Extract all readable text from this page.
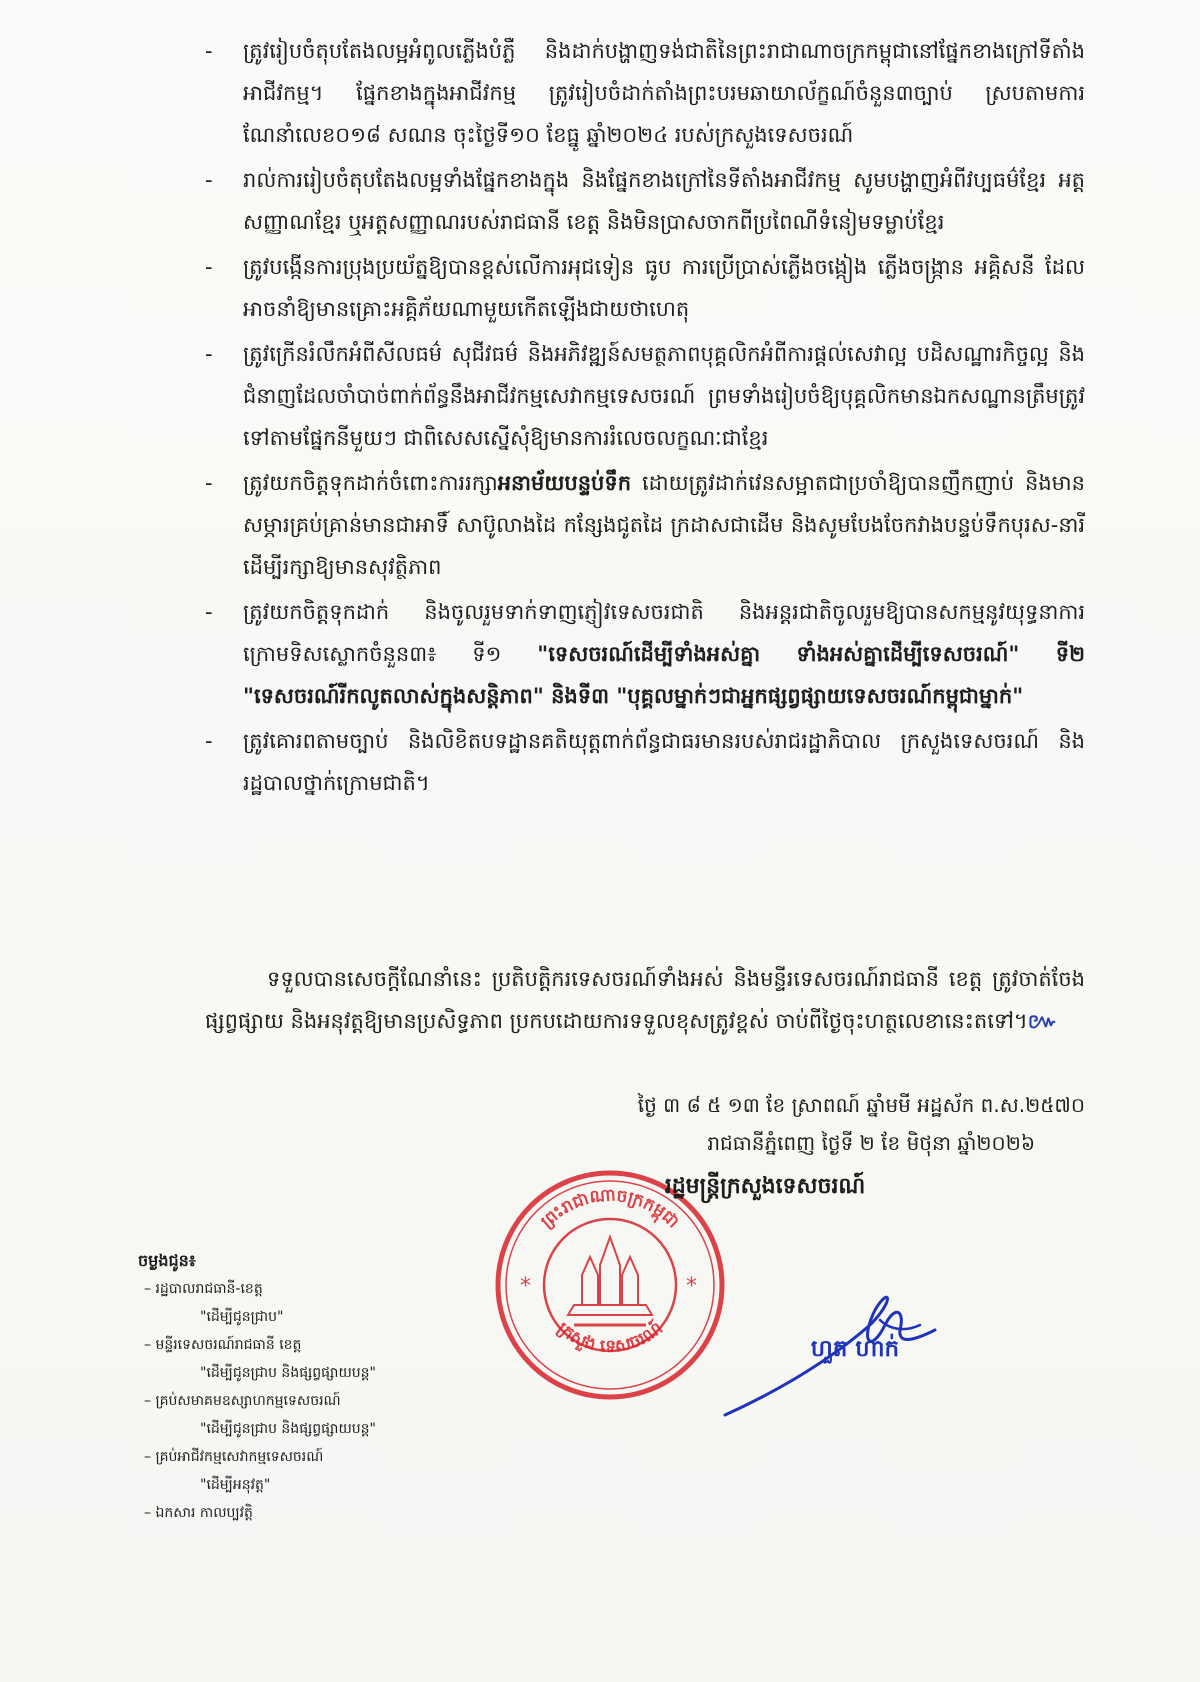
-	ត្រូវរៀបចំតុបតែងលម្អអំពូលភ្លើងបំភ្លឺ និងដាក់បង្ហាញទង់ជាតិនៃព្រះរាជាណាចក្រកម្ពុជានៅផ្នែកខាងក្រៅទីតាំងអាជីវកម្ម។ ផ្នែកខាងក្នុងអាជីវកម្ម ត្រូវរៀបចំដាក់តាំងព្រះបរមឆាយាល័ក្ខណ៍ចំនួន៣ច្បាប់ ស្របតាមការណែនាំលេខ០១៨ សណន ចុះថ្ងៃទី១០ ខែធ្នូ ឆ្នាំ២០២៤ របស់ក្រសួងទេសចរណ៍
-	រាល់ការរៀបចំតុបតែងលម្អទាំងផ្នែកខាងក្នុង និងផ្នែកខាងក្រៅនៃទីតាំងអាជីវកម្ម សូមបង្ហាញអំពីវប្បធម៌ខ្មែរ អត្តសញ្ញាណខ្មែរ ឬអត្តសញ្ញាណរបស់រាជធានី ខេត្ត និងមិនប្រាសចាកពីប្រពៃណីទំនៀមទម្លាប់ខ្មែរ
-	ត្រូវបង្កើនការប្រុងប្រយ័ត្នឱ្យបានខ្ពស់លើការអុជទៀន ធូប ការប្រើប្រាស់ភ្លើងចង្កៀង ភ្លើងចង្រ្កាន អគ្គិសនី ដែលអាចនាំឱ្យមានគ្រោះអគ្គិភ័យណាមួយកើតឡើងជាយថាហេតុ
-	ត្រូវក្រើនរំលឹកអំពីសីលធម៌ សុជីវធម៌ និងអភិវឌ្ឍន៍សមត្ថភាពបុគ្គលិកអំពីការផ្តល់សេវាល្អ បដិសណ្ឋារកិច្ចល្អ និងជំនាញដែលចាំបាច់ពាក់ព័ន្ធនឹងអាជីវកម្មសេវាកម្មទេសចរណ៍ ព្រមទាំងរៀបចំឱ្យបុគ្គលិកមានឯកសណ្ឋានត្រឹមត្រូវទៅតាមផ្នែកនីមួយៗ ជាពិសេសស្នើសុំឱ្យមានការរំលេចលក្ខណៈជាខ្មែរ
-	ត្រូវយកចិត្តទុកដាក់ចំពោះការរក្សាអនាម័យបន្ទប់ទឹក ដោយត្រូវដាក់វេនសម្អាតជាប្រចាំឱ្យបានញឹកញាប់ និងមានសម្ភារគ្រប់គ្រាន់មានជាអាទិ៍ សាប៊ូលាងដៃ កន្សែងជូតដៃ ក្រដាសជាដើម និងសូមបែងចែកវាងបន្ទប់ទឹកបុរស-នារី ដើម្បីរក្សាឱ្យមានសុវត្ថិភាព
-	ត្រូវយកចិត្តទុកដាក់ និងចូលរួមទាក់ទាញភ្ញៀវទេសចរជាតិ និងអន្តរជាតិចូលរួមឱ្យបានសកម្មនូវយុទ្ធនាការក្រោមទិសស្លោកចំនួន៣៖ ទី១ "ទេសចរណ៍ដើម្បីទាំងអស់គ្នា ទាំងអស់គ្នាដើម្បីទេសចរណ៍" ទី២ "ទេសចរណ៍រីកលូតលាស់ក្នុងសន្តិភាព" និងទី៣ "បុគ្គលម្នាក់ៗជាអ្នកផ្សព្វផ្សាយទេសចរណ៍កម្ពុជាម្នាក់"
-	ត្រូវគោរពតាមច្បាប់ និងលិខិតបទដ្ឋានគតិយុត្តពាក់ព័ន្ធជាធរមានរបស់រាជរដ្ឋាភិបាល ក្រសួងទេសចរណ៍ និងរដ្ឋបាលថ្នាក់ក្រោមជាតិ។

ទទួលបានសេចក្តីណែនាំនេះ ប្រតិបត្តិករទេសចរណ៍ទាំងអស់ និងមន្ទីរទេសចរណ៍រាជធានី ខេត្ត ត្រូវចាត់ចែងផ្សព្វផ្សាយ និងអនុវត្តឱ្យមានប្រសិទ្ធភាព ប្រកបដោយការទទួលខុសត្រូវខ្ពស់ ចាប់ពីថ្ងៃចុះហត្ថលេខានេះតទៅ។៚

ថ្ងៃ ៣ ៨ ៥ ១៣ ខែ ស្រាពណ៍ ឆ្នាំមមី អដ្ឋស័ក ព.ស.២៥៧០
រាជធានីភ្នំពេញ ថ្ងៃទី ២ ខែ មិថុនា ឆ្នាំ២០២៦
*	*
ព្រះរាជាណាចក្រកម្ពុជា
ក្រសួង ទេសចរណ៍
រដ្ឋមន្ត្រីក្រសួងទេសចរណ៍
ហួត ហាក់
ចម្លងជូន៖
– រដ្ឋបាលរាជធានី-ខេត្ត
"ដើម្បីជូនជ្រាប"
– មន្ទីរទេសចរណ៍រាជធានី ខេត្ត
"ដើម្បីជូនជ្រាប និងផ្សព្វផ្សាយបន្ត"
– គ្រប់សមាគមឧស្សាហកម្មទេសចរណ៍
"ដើម្បីជូនជ្រាប និងផ្សព្វផ្សាយបន្ត"
– គ្រប់អាជីវកម្មសេវាកម្មទេសចរណ៍
"ដើម្បីអនុវត្ត"
– ឯកសារ កាលប្បវត្តិ
